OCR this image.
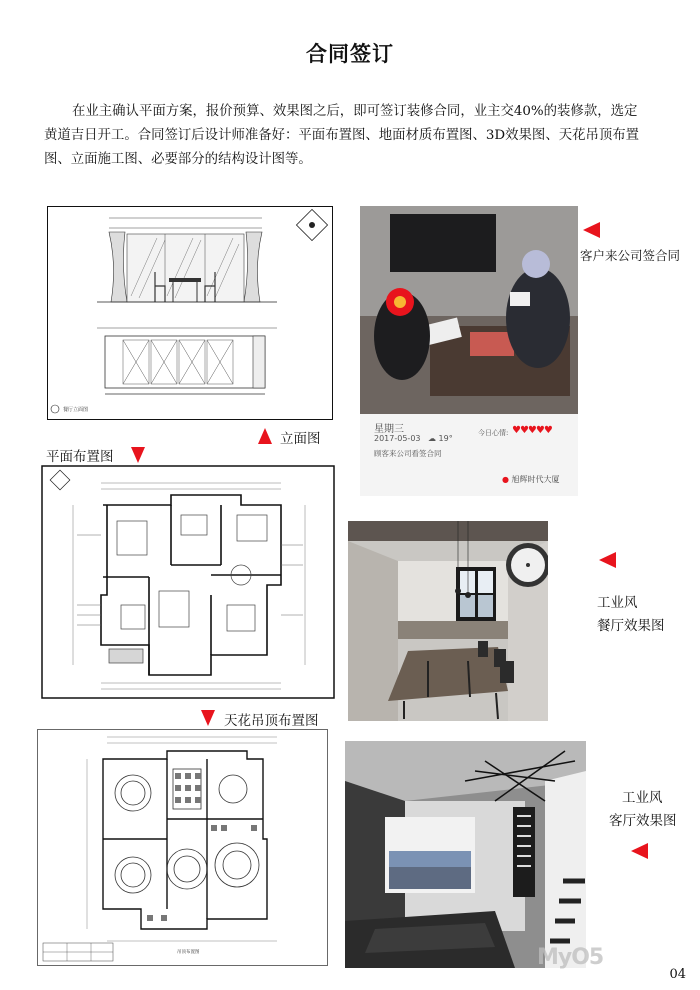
合同签订
在业主确认平面方案，报价预算、效果图之后，即可签订装修合同，业主交40%的装修款，选定
黄道吉日开工。合同签订后设计师准备好：平面布置图、地面材质布置图、3D效果图、天花吊顶布置
图、立面施工图、必要部分的结构设计图等。
餐厅立面图
立面图
星期三
2017-05-03 ☁ 19°
今日心情: ♥♥♥♥♥
顾客来公司看签合同
● 旭辉时代大厦
客户来公司签合同
平面布置图
工业风
餐厅效果图
天花吊顶布置图
吊顶布置图
工业风
客厅效果图
MyO5
04
